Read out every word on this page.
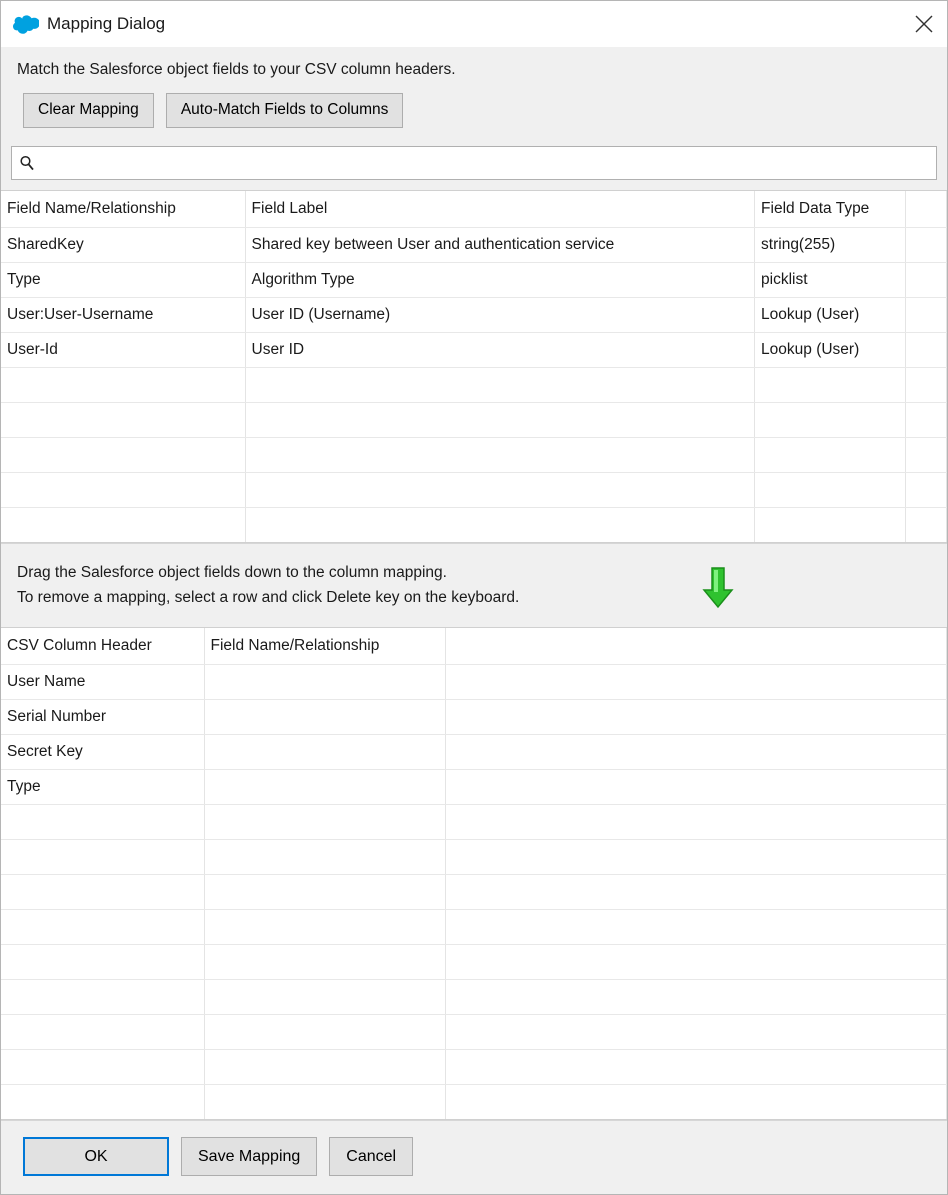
Mapping Dialog
Match the Salesforce object fields to your CSV column headers.
Clear Mapping	Auto-Match Fields to Columns
Field Name/Relationship	Field Label	Field Data Type	
SharedKey	Shared key between User and authentication service	string(255)	
Type	Algorithm Type	picklist	
User:User-Username	User ID (Username)	Lookup (User)	
User-Id	User ID	Lookup (User)	

Drag the Salesforce object fields down to the column mapping.
To remove a mapping, select a row and click Delete key on the keyboard.
CSV Column Header	Field Name/Relationship	
User Name		
Serial Number		
Secret Key		
Type		

OK	Save Mapping	Cancel
